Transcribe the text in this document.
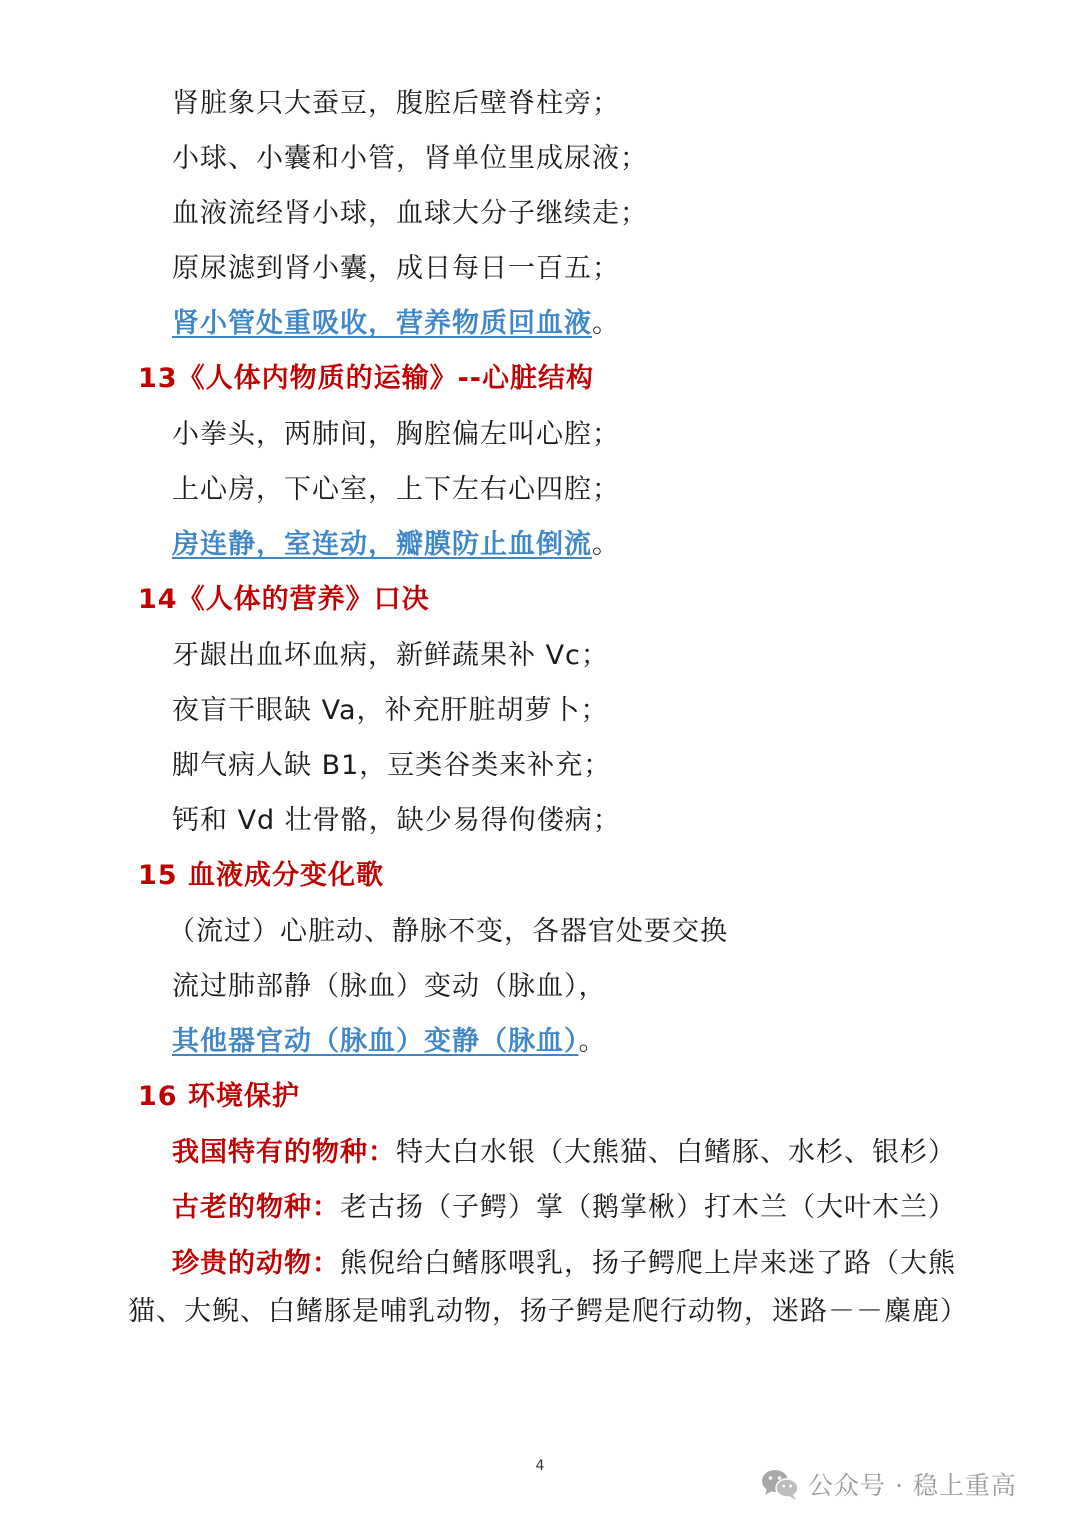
肾脏象只大蚕豆，腹腔后壁脊柱旁；
小球、小囊和小管，肾单位里成尿液；
血液流经肾小球，血球大分子继续走；
原尿滤到肾小囊，成日每日一百五；
肾小管处重吸收，营养物质回血液。
13《人体内物质的运输》--心脏结构
小拳头，两肺间，胸腔偏左叫心腔；
上心房，下心室，上下左右心四腔；
房连静，室连动，瓣膜防止血倒流。
14《人体的营养》口决
牙龈出血坏血病，新鲜蔬果补 Vc；
夜盲干眼缺 Va，补充肝脏胡萝卜；
脚气病人缺 B1，豆类谷类来补充；
钙和 Vd 壮骨骼，缺少易得佝偻病；
15 血液成分变化歌
（流过）心脏动、静脉不变，各器官处要交换
流过肺部静（脉血）变动（脉血），
其他器官动（脉血）变静（脉血）。
16 环境保护
我国特有的物种：特大白水银（大熊猫、白鳍豚、水杉、银杉）
古老的物种：老古扬（子鳄）掌（鹅掌楸）打木兰（大叶木兰）
珍贵的动物：熊倪给白鳍豚喂乳，扬子鳄爬上岸来迷了路（大熊猫、大鲵、白鳍豚是哺乳动物，扬子鳄是爬行动物，迷路－－麋鹿）
4
公众号 · 稳上重高
